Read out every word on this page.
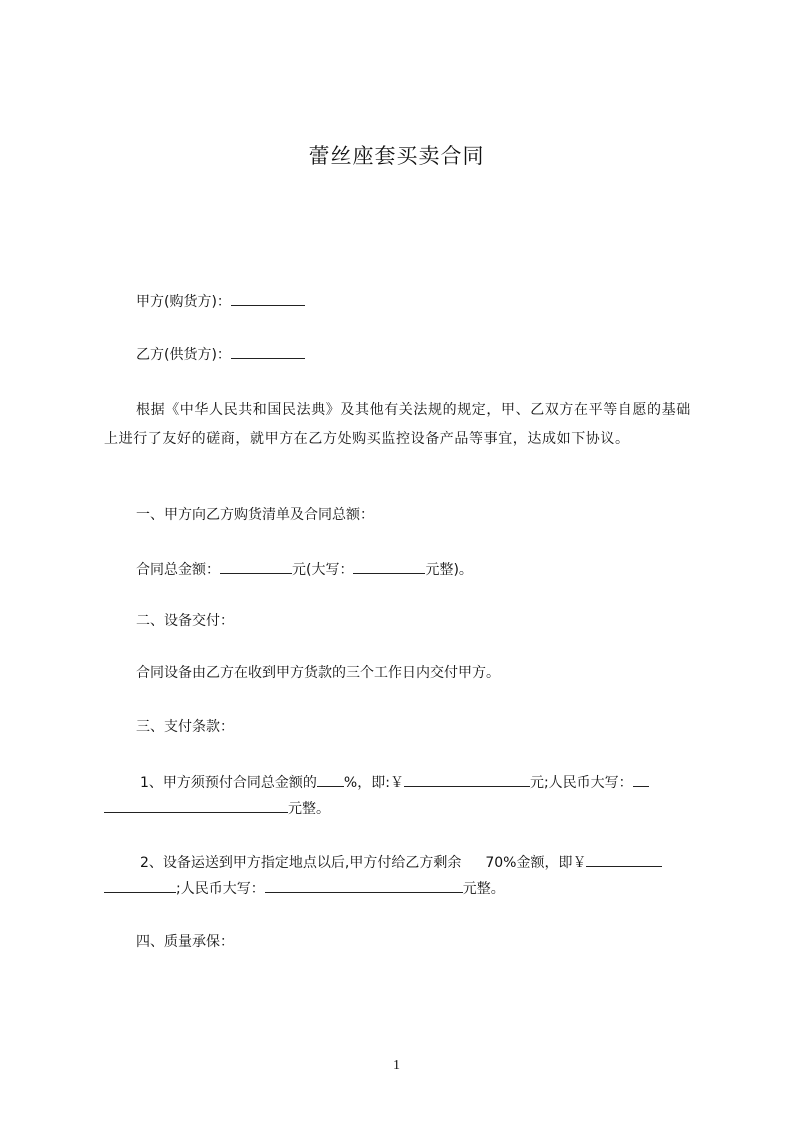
蕾丝座套买卖合同
甲方(购货方)：
乙方(供货方)：
根据《中华人民共和国民法典》及其他有关法规的规定，甲、乙双方在平等自愿的基础上进行了友好的磋商，就甲方在乙方处购买监控设备产品等事宜，达成如下协议。
一、甲方向乙方购货清单及合同总额：
合同总金额：	元(大写：	元整)。
二、设备交付：
合同设备由乙方在收到甲方货款的三个工作日内交付甲方。
三、支付条款：
1、甲方须预付合同总金额的 %，即:￥	元;人民币大写：
元整。
2、设备运送到甲方指定地点以后,甲方付给乙方剩余 70%金额，即￥
;人民币大写：	元整。
四、质量承保：
1
